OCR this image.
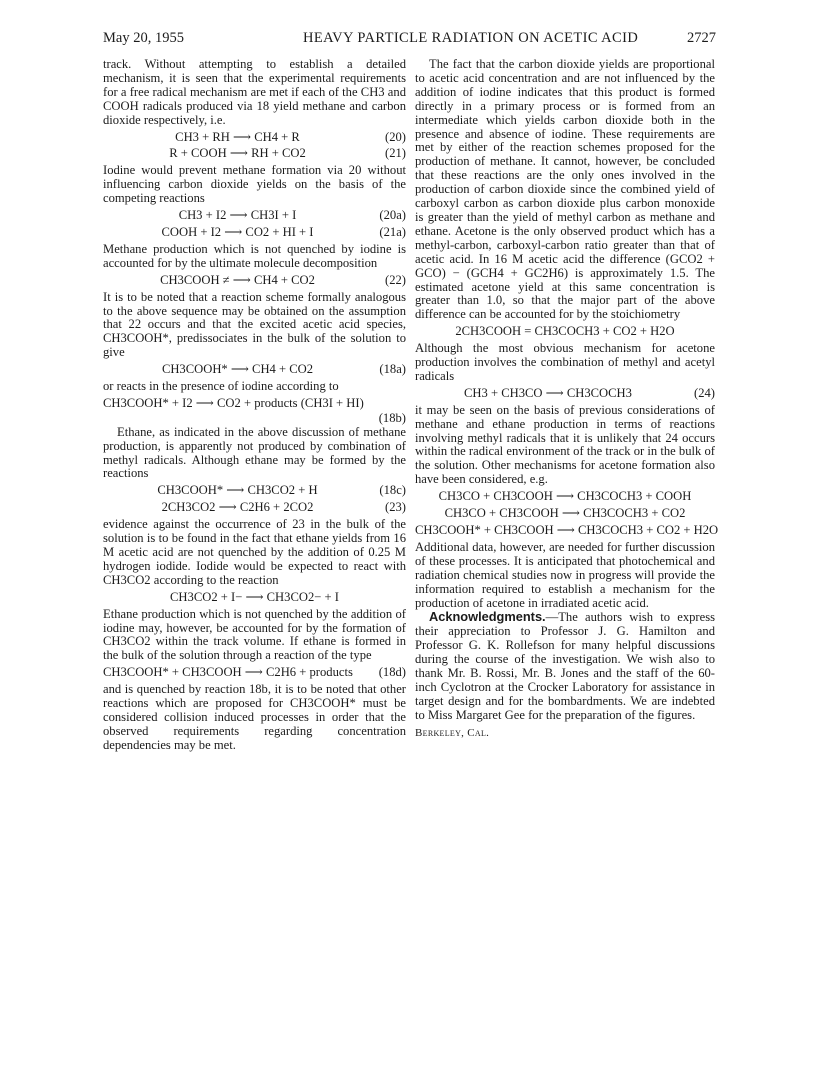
May 20, 1955	HEAVY PARTICLE RADIATION ON ACETIC ACID	2727

track. Without attempting to establish a detailed mechanism, it is seen that the experimental requirements for a free radical mechanism are met if each of the CH3 and COOH radicals produced via 18 yield methane and carbon dioxide respectively, i.e.

CH3 + RH ⟶ CH4 + R	(20)
R + COOH ⟶ RH + CO2	(21)

Iodine would prevent methane formation via 20 without influencing carbon dioxide yields on the basis of the competing reactions

CH3 + I2 ⟶ CH3I + I	(20a)
COOH + I2 ⟶ CO2 + HI + I	(21a)

Methane production which is not quenched by iodine is accounted for by the ultimate molecule decomposition

CH3COOH ≠ ⟶ CH4 + CO2	(22)

It is to be noted that a reaction scheme formally analogous to the above sequence may be obtained on the assumption that 22 occurs and that the excited acetic acid species, CH3COOH*, predissociates in the bulk of the solution to give

CH3COOH* ⟶ CH4 + CO2	(18a)

or reacts in the presence of iodine according to

CH3COOH* + I2 ⟶ CO2 + products (CH3I + HI)
(18b)

Ethane, as indicated in the above discussion of methane production, is apparently not produced by combination of methyl radicals. Although ethane may be formed by the reactions

CH3COOH* ⟶ CH3CO2 + H	(18c)
2CH3CO2 ⟶ C2H6 + 2CO2	(23)

evidence against the occurrence of 23 in the bulk of the solution is to be found in the fact that ethane yields from 16 M acetic acid are not quenched by the addition of 0.25 M hydrogen iodide. Iodide would be expected to react with CH3CO2 according to the reaction

CH3CO2 + I− ⟶ CH3CO2− + I

Ethane production which is not quenched by the addition of iodine may, however, be accounted for by the formation of CH3CO2 within the track volume. If ethane is formed in the bulk of the solution through a reaction of the type

CH3COOH* + CH3COOH ⟶ C2H6 + products	(18d)

and is quenched by reaction 18b, it is to be noted that other reactions which are proposed for CH3COOH* must be considered collision induced processes in order that the observed requirements regarding concentration dependencies may be met.

The fact that the carbon dioxide yields are proportional to acetic acid concentration and are not influenced by the addition of iodine indicates that this product is formed directly in a primary process or is formed from an intermediate which yields carbon dioxide both in the presence and absence of iodine. These requirements are met by either of the reaction schemes proposed for the production of methane. It cannot, however, be concluded that these reactions are the only ones involved in the production of carbon dioxide since the combined yield of carboxyl carbon as carbon dioxide plus carbon monoxide is greater than the yield of methyl carbon as methane and ethane. Acetone is the only observed product which has a methyl-carbon, carboxyl-carbon ratio greater than that of acetic acid. In 16 M acetic acid the difference (GCO2 + GCO) − (GCH4 + GC2H6) is approximately 1.5. The estimated acetone yield at this same concentration is greater than 1.0, so that the major part of the above difference can be accounted for by the stoichiometry

2CH3COOH = CH3COCH3 + CO2 + H2O

Although the most obvious mechanism for acetone production involves the combination of methyl and acetyl radicals

CH3 + CH3CO ⟶ CH3COCH3	(24)

it may be seen on the basis of previous considerations of methane and ethane production in terms of reactions involving methyl radicals that it is unlikely that 24 occurs within the radical environment of the track or in the bulk of the solution. Other mechanisms for acetone formation also have been considered, e.g.

CH3CO + CH3COOH ⟶ CH3COCH3 + COOH
CH3CO + CH3COOH ⟶ CH3COCH3 + CO2
CH3COOH* + CH3COOH ⟶ CH3COCH3 + CO2 + H2O

Additional data, however, are needed for further discussion of these processes. It is anticipated that photochemical and radiation chemical studies now in progress will provide the information required to establish a mechanism for the production of acetone in irradiated acetic acid.

Acknowledgments.—The authors wish to express their appreciation to Professor J. G. Hamilton and Professor G. K. Rollefson for many helpful discussions during the course of the investigation. We wish also to thank Mr. B. Rossi, Mr. B. Jones and the staff of the 60-inch Cyclotron at the Crocker Laboratory for assistance in target design and for the bombardments. We are indebted to Miss Margaret Gee for the preparation of the figures.

Berkeley, Cal.
